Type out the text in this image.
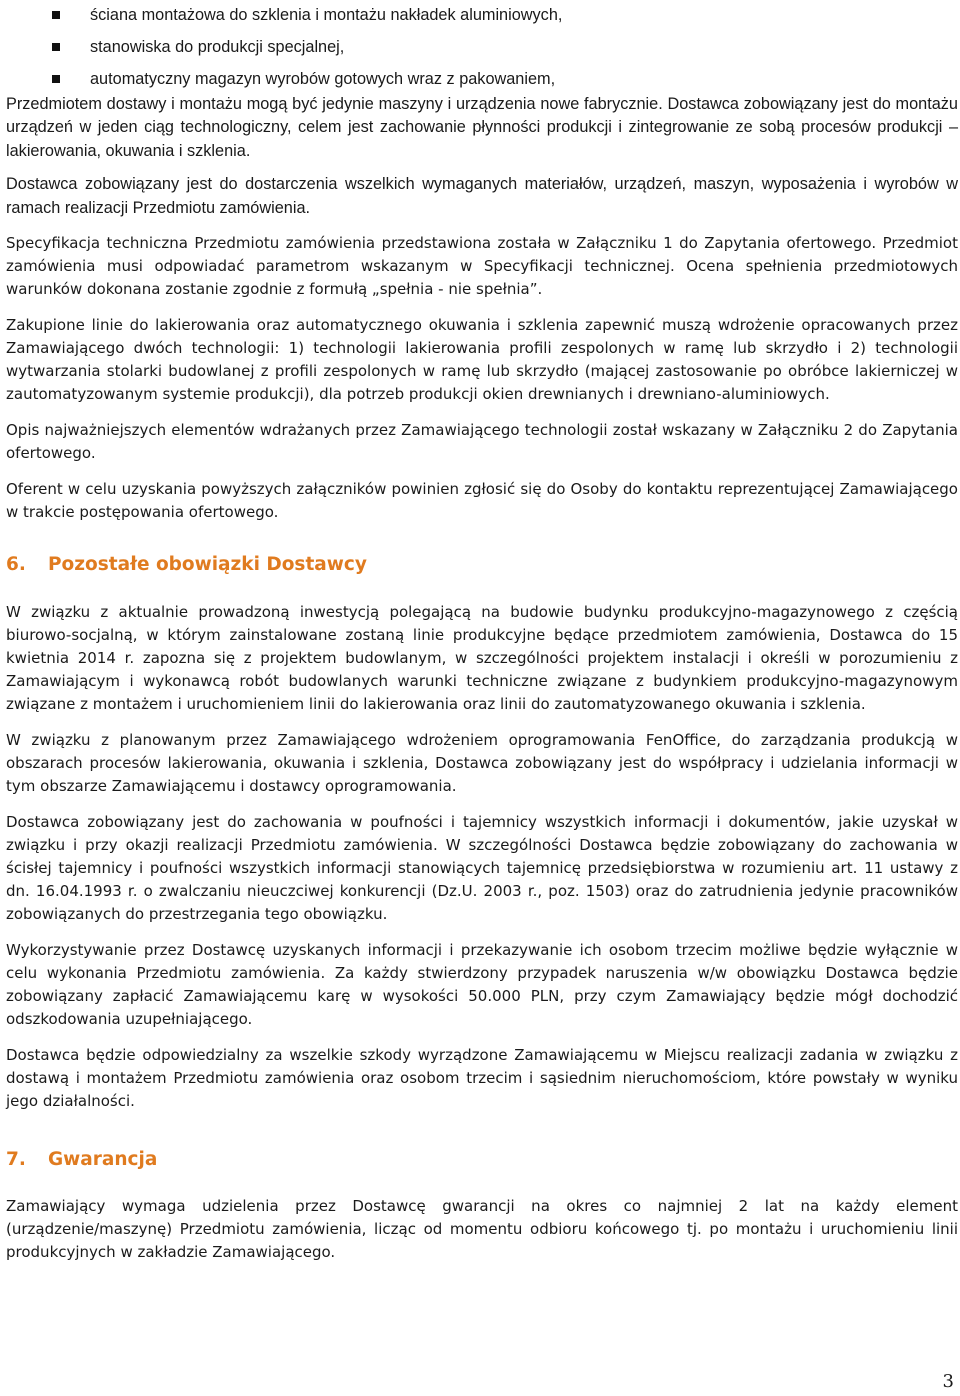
ściana montażowa do szklenia i montażu nakładek aluminiowych,
stanowiska do produkcji specjalnej,
automatyczny magazyn wyrobów gotowych wraz z pakowaniem,

Przedmiotem dostawy i montażu mogą być jedynie maszyny i urządzenia nowe fabrycznie. Dostawca zobowiązany jest do montażu urządzeń w jeden ciąg technologiczny, celem jest zachowanie płynności produkcji i zintegrowanie ze sobą procesów produkcji – lakierowania, okuwania i szklenia.

Dostawca zobowiązany jest do dostarczenia wszelkich wymaganych materiałów, urządzeń, maszyn, wyposażenia i wyrobów w ramach realizacji Przedmiotu zamówienia.

Specyfikacja techniczna Przedmiotu zamówienia przedstawiona została w Załączniku 1 do Zapytania ofertowego. Przedmiot zamówienia musi odpowiadać parametrom wskazanym w Specyfikacji technicznej. Ocena spełnienia przedmiotowych warunków dokonana zostanie zgodnie z formułą „spełnia - nie spełnia”.

Zakupione linie do lakierowania oraz automatycznego okuwania i szklenia zapewnić muszą wdrożenie opracowanych przez Zamawiającego dwóch technologii: 1) technologii lakierowania profili zespolonych w ramę lub skrzydło i 2) technologii wytwarzania stolarki budowlanej z profili zespolonych w ramę lub skrzydło (mającej zastosowanie po obróbce lakierniczej w zautomatyzowanym systemie produkcji), dla potrzeb produkcji okien drewnianych i drewniano-aluminiowych.

Opis najważniejszych elementów wdrażanych przez Zamawiającego technologii został wskazany w Załączniku 2 do Zapytania ofertowego.

Oferent w celu uzyskania powyższych załączników powinien zgłosić się do Osoby do kontaktu reprezentującej Zamawiającego w trakcie postępowania ofertowego.

6.	Pozostałe obowiązki Dostawcy

W związku z aktualnie prowadzoną inwestycją polegającą na budowie budynku produkcyjno-magazynowego z częścią biurowo-socjalną, w którym zainstalowane zostaną linie produkcyjne będące przedmiotem zamówienia, Dostawca do 15 kwietnia 2014 r. zapozna się z projektem budowlanym, w szczególności projektem instalacji i określi w porozumieniu z Zamawiającym i wykonawcą robót budowlanych warunki techniczne związane z budynkiem produkcyjno-magazynowym związane z montażem i uruchomieniem linii do lakierowania oraz linii do zautomatyzowanego okuwania i szklenia.

W związku z planowanym przez Zamawiającego wdrożeniem oprogramowania FenOffice, do zarządzania produkcją w obszarach procesów lakierowania, okuwania i szklenia, Dostawca zobowiązany jest do współpracy i udzielania informacji w tym obszarze Zamawiającemu i dostawcy oprogramowania.

Dostawca zobowiązany jest do zachowania w poufności i tajemnicy wszystkich informacji i dokumentów, jakie uzyskał w związku i przy okazji realizacji Przedmiotu zamówienia. W szczególności Dostawca będzie zobowiązany do zachowania w ścisłej tajemnicy i poufności wszystkich informacji stanowiących tajemnicę przedsiębiorstwa w rozumieniu art. 11 ustawy z dn. 16.04.1993 r. o zwalczaniu nieuczciwej konkurencji (Dz.U. 2003 r., poz. 1503) oraz do zatrudnienia jedynie pracowników zobowiązanych do przestrzegania tego obowiązku.

Wykorzystywanie przez Dostawcę uzyskanych informacji i przekazywanie ich osobom trzecim możliwe będzie wyłącznie w celu wykonania Przedmiotu zamówienia. Za każdy stwierdzony przypadek naruszenia w/w obowiązku Dostawca będzie zobowiązany zapłacić Zamawiającemu karę w wysokości 50.000 PLN, przy czym Zamawiający będzie mógł dochodzić odszkodowania uzupełniającego.

Dostawca będzie odpowiedzialny za wszelkie szkody wyrządzone Zamawiającemu w Miejscu realizacji zadania w związku z dostawą i montażem Przedmiotu zamówienia oraz osobom trzecim i sąsiednim nieruchomościom, które powstały w wyniku jego działalności.

7.	Gwarancja

Zamawiający wymaga udzielenia przez Dostawcę gwarancji na okres co najmniej 2 lat na każdy element (urządzenie/maszynę) Przedmiotu zamówienia, licząc od momentu odbioru końcowego tj. po montażu i uruchomieniu linii produkcyjnych w zakładzie Zamawiającego.

3
